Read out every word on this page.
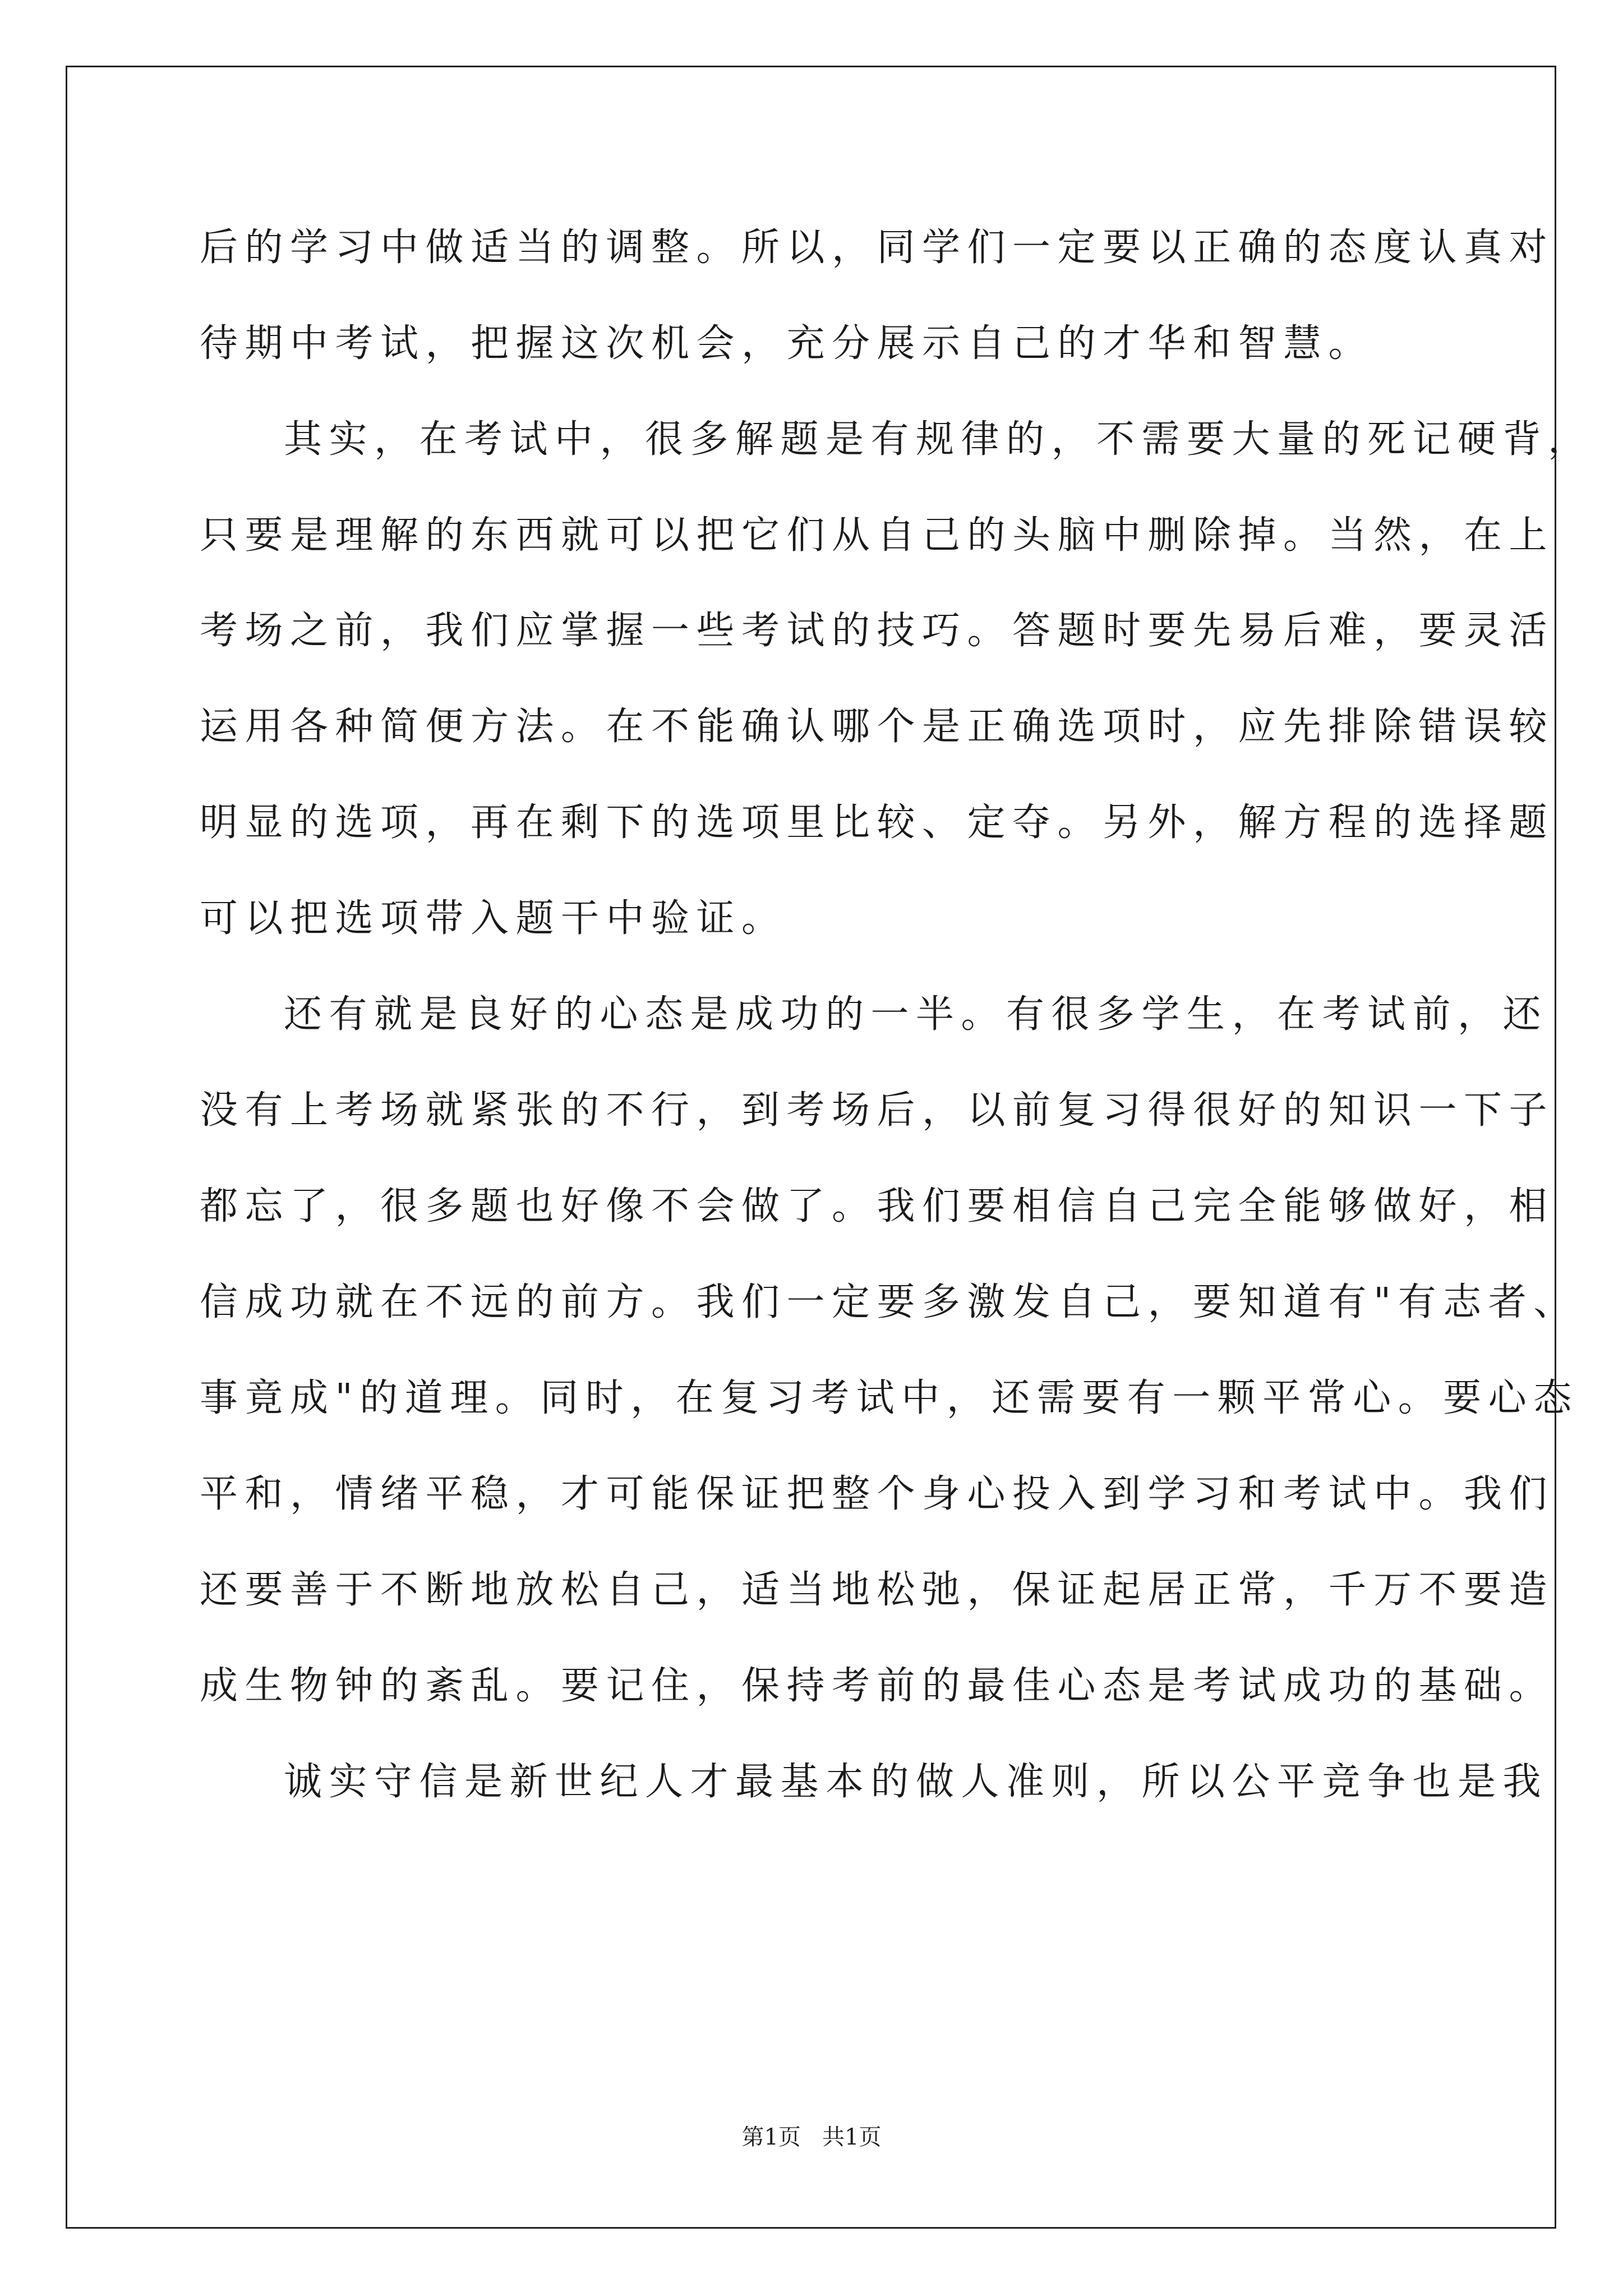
后的学习中做适当的调整。所以，同学们一定要以正确的态度认真对
待期中考试，把握这次机会，充分展示自己的才华和智慧。
其实，在考试中，很多解题是有规律的，不需要大量的死记硬背，
只要是理解的东西就可以把它们从自己的头脑中删除掉。当然，在上
考场之前，我们应掌握一些考试的技巧。答题时要先易后难，要灵活
运用各种简便方法。在不能确认哪个是正确选项时，应先排除错误较
明显的选项，再在剩下的选项里比较、定夺。另外，解方程的选择题
可以把选项带入题干中验证。
还有就是良好的心态是成功的一半。有很多学生，在考试前，还
没有上考场就紧张的不行，到考场后，以前复习得很好的知识一下子
都忘了，很多题也好像不会做了。我们要相信自己完全能够做好，相
信成功就在不远的前方。我们一定要多激发自己，要知道有"有志者、
事竟成"的道理。同时，在复习考试中，还需要有一颗平常心。要心态
平和，情绪平稳，才可能保证把整个身心投入到学习和考试中。我们
还要善于不断地放松自己，适当地松弛，保证起居正常，千万不要造
成生物钟的紊乱。要记住，保持考前的最佳心态是考试成功的基础。
诚实守信是新世纪人才最基本的做人准则，所以公平竞争也是我
第1页   共1页
